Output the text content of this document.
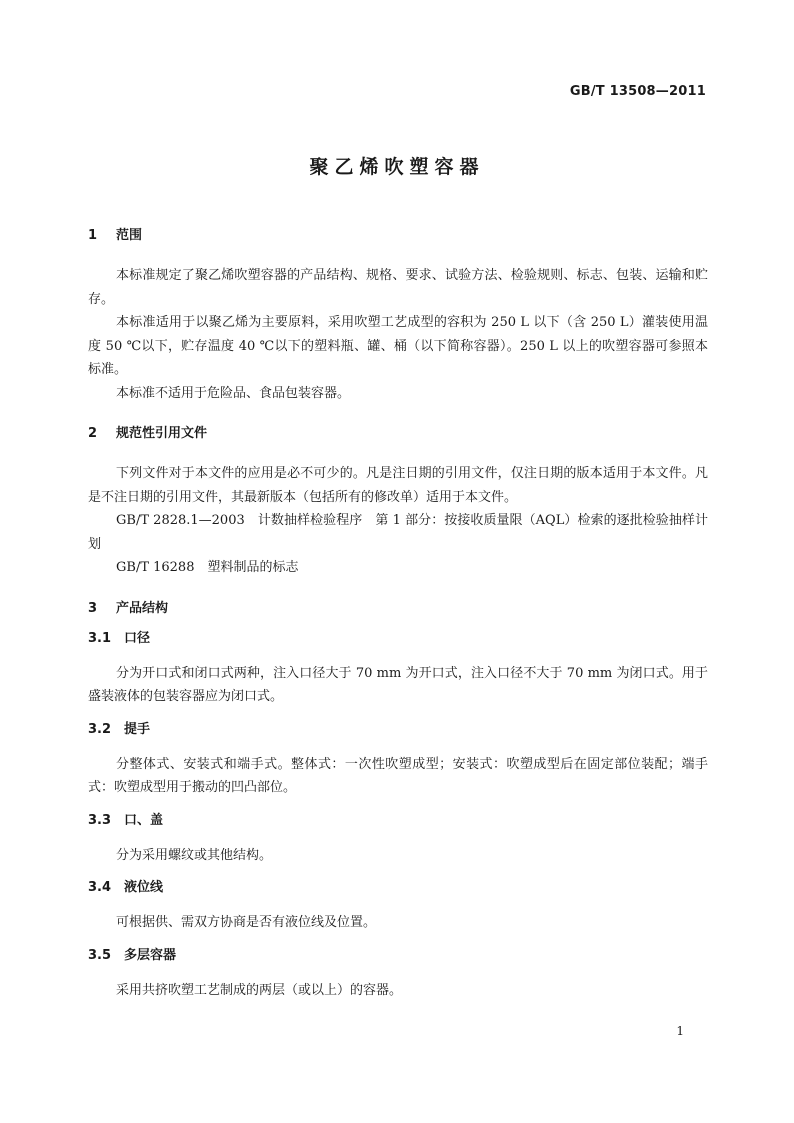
GB/T 13508—2011
聚乙烯吹塑容器
1 范围

本标准规定了聚乙烯吹塑容器的产品结构、规格、要求、试验方法、检验规则、标志、包装、运输和贮存。

本标准适用于以聚乙烯为主要原料，采用吹塑工艺成型的容积为 250 L 以下（含 250 L）灌装使用温度 50 ℃以下，贮存温度 40 ℃以下的塑料瓶、罐、桶（以下简称容器）。250 L 以上的吹塑容器可参照本标准。

本标准不适用于危险品、食品包装容器。

2 规范性引用文件

下列文件对于本文件的应用是必不可少的。凡是注日期的引用文件，仅注日期的版本适用于本文件。凡是不注日期的引用文件，其最新版本（包括所有的修改单）适用于本文件。

GB/T 2828.1—2003　计数抽样检验程序　第 1 部分：按接收质量限（AQL）检索的逐批检验抽样计划

GB/T 16288　塑料制品的标志

3 产品结构
3.1 口径

分为开口式和闭口式两种，注入口径大于 70 mm 为开口式，注入口径不大于 70 mm 为闭口式。用于盛装液体的包装容器应为闭口式。

3.2 提手

分整体式、安装式和端手式。整体式：一次性吹塑成型；安装式：吹塑成型后在固定部位装配；端手式：吹塑成型用于搬动的凹凸部位。

3.3 口、盖

分为采用螺纹或其他结构。

3.4 液位线

可根据供、需双方协商是否有液位线及位置。

3.5 多层容器

采用共挤吹塑工艺制成的两层（或以上）的容器。

1
